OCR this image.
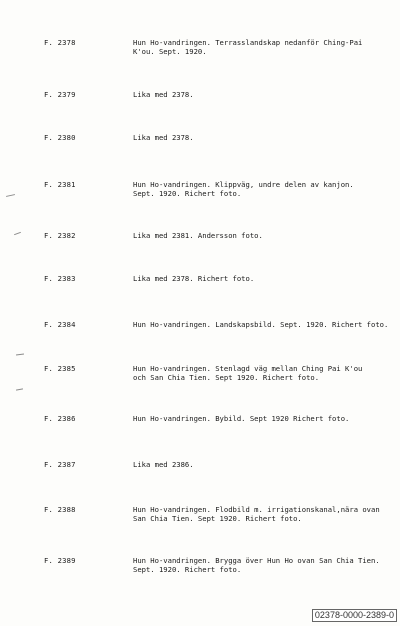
F. 2378	Hun Ho-vandringen. Terrasslandskap nedanför Ching-Pai
K'ou. Sept. 1920.
F. 2379	Lika med 2378.
F. 2380	Lika med 2378.
F. 2381	Hun Ho-vandringen. Klippväg, undre delen av kanjon.
Sept. 1920. Richert foto.
F. 2382	Lika med 2381. Andersson foto.
F. 2383	Lika med 2378. Richert foto.
F. 2384	Hun Ho-vandringen. Landskapsbild. Sept. 1920. Richert foto.
F. 2385	Hun Ho-vandringen. Stenlagd väg mellan Ching Pai K'ou
och San Chia Tien. Sept 1920. Richert foto.
F. 2386	Hun Ho-vandringen. Bybild. Sept 1920 Richert foto.
F. 2387	Lika med 2386.
F. 2388	Hun Ho-vandringen. Flodbild m. irrigationskanal,nära ovan
San Chia Tien. Sept 1920. Richert foto.
F. 2389	Hun Ho-vandringen. Brygga över Hun Ho ovan San Chia Tien.
Sept. 1920. Richert foto.
02378-0000-2389-0
